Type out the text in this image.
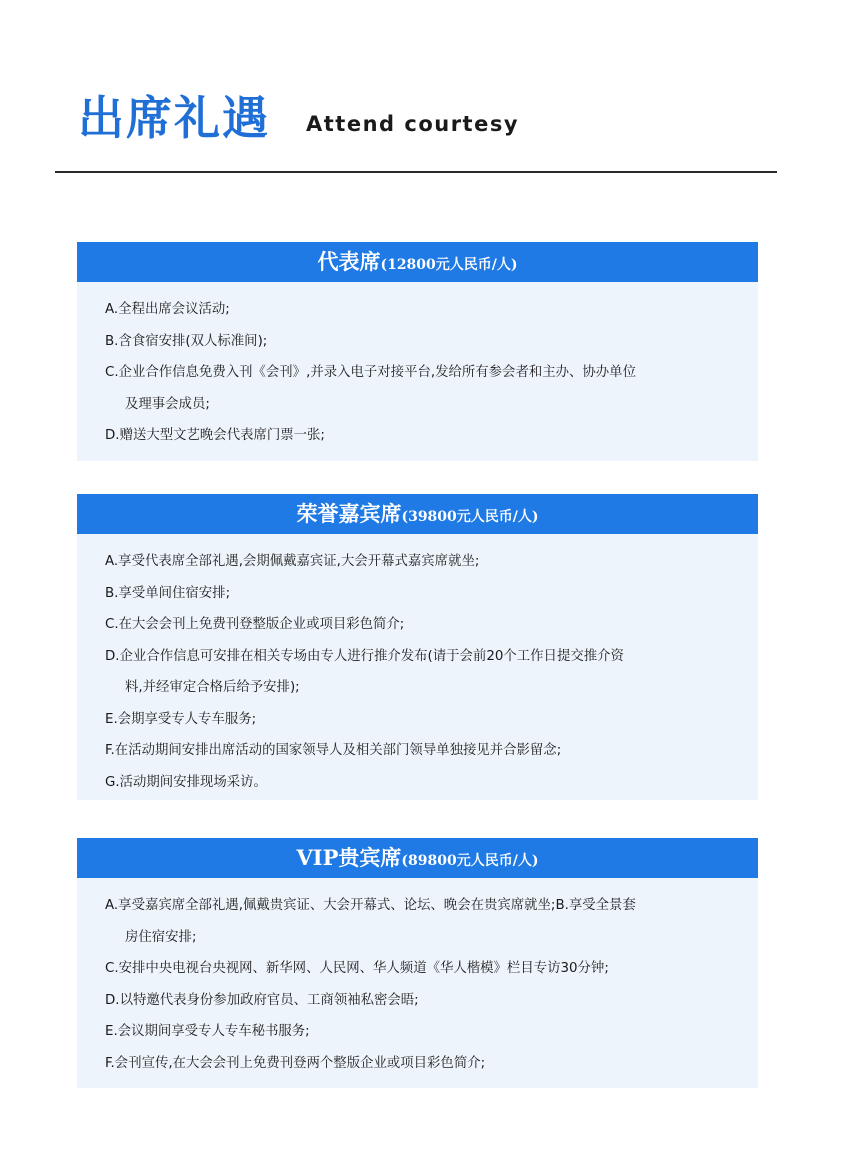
出席礼遇 Attend courtesy
代表席(12800元人民币/人)
A.全程出席会议活动;
B.含食宿安排(双人标准间);
C.企业合作信息免费入刊《会刊》,并录入电子对接平台,发给所有参会者和主办、协办单位
及理事会成员;
D.赠送大型文艺晚会代表席门票一张;
荣誉嘉宾席(39800元人民币/人)
A.享受代表席全部礼遇,会期佩戴嘉宾证,大会开幕式嘉宾席就坐;
B.享受单间住宿安排;
C.在大会会刊上免费刊登整版企业或项目彩色简介;
D.企业合作信息可安排在相关专场由专人进行推介发布(请于会前20个工作日提交推介资
料,并经审定合格后给予安排);
E.会期享受专人专车服务;
F.在活动期间安排出席活动的国家领导人及相关部门领导单独接见并合影留念;
G.活动期间安排现场采访。
VIP贵宾席(89800元人民币/人)
A.享受嘉宾席全部礼遇,佩戴贵宾证、大会开幕式、论坛、晚会在贵宾席就坐;B.享受全景套
房住宿安排;
C.安排中央电视台央视网、新华网、人民网、华人频道《华人楷模》栏目专访30分钟;
D.以特邀代表身份参加政府官员、工商领袖私密会晤;
E.会议期间享受专人专车秘书服务;
F.会刊宣传,在大会会刊上免费刊登两个整版企业或项目彩色简介;
